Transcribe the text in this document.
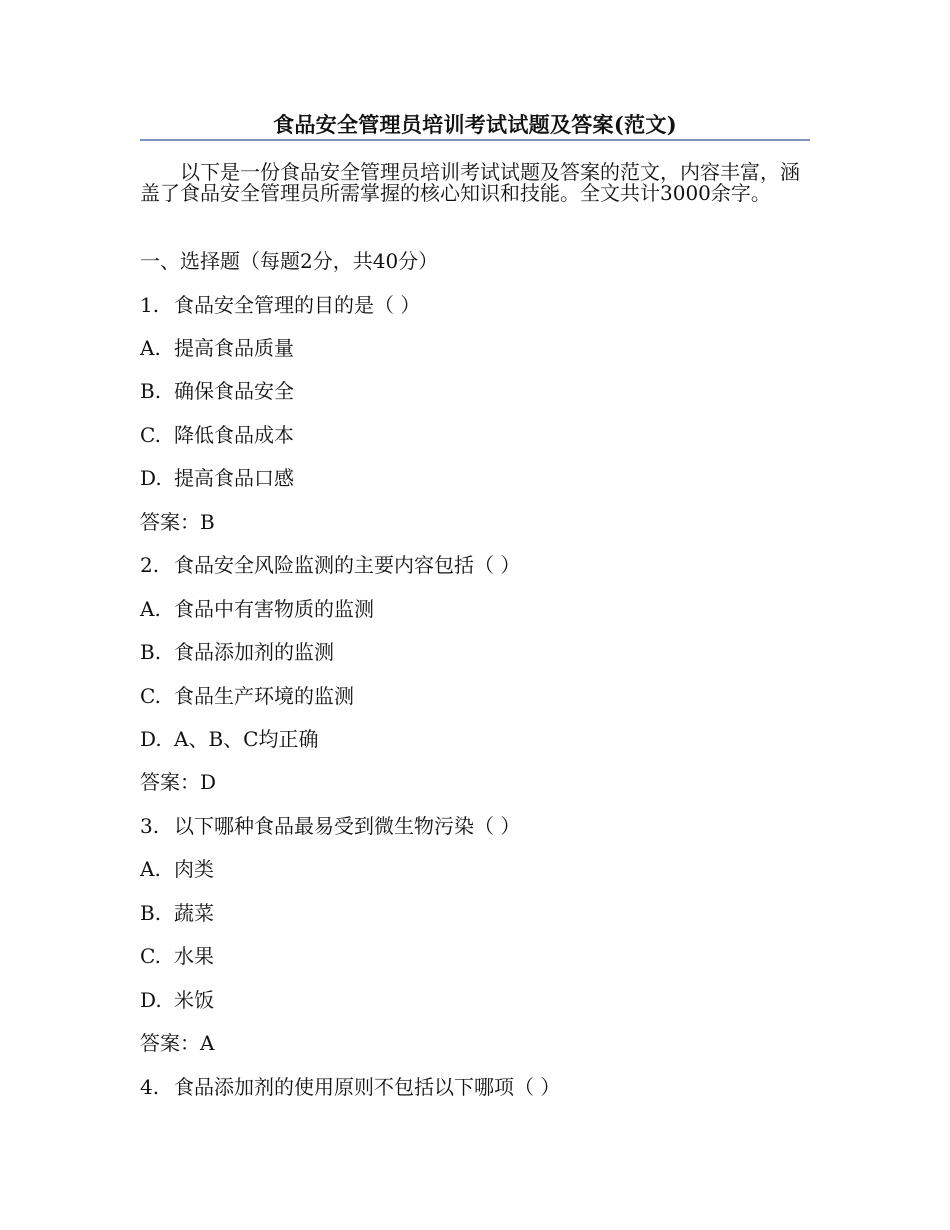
食品安全管理员培训考试试题及答案(范文)

以下是一份食品安全管理员培训考试试题及答案的范文，内容丰富，涵盖了食品安全管理员所需掌握的核心知识和技能。全文共计3000余字。

一、选择题（每题2分，共40分）

1. 食品安全管理的目的是（ ）

A. 提高食品质量

B. 确保食品安全

C. 降低食品成本

D. 提高食品口感

答案：B

2. 食品安全风险监测的主要内容包括（ ）

A. 食品中有害物质的监测

B. 食品添加剂的监测

C. 食品生产环境的监测

D. A、B、C均正确

答案：D

3. 以下哪种食品最易受到微生物污染（ ）

A. 肉类

B. 蔬菜

C. 水果

D. 米饭

答案：A

4. 食品添加剂的使用原则不包括以下哪项（ ）
